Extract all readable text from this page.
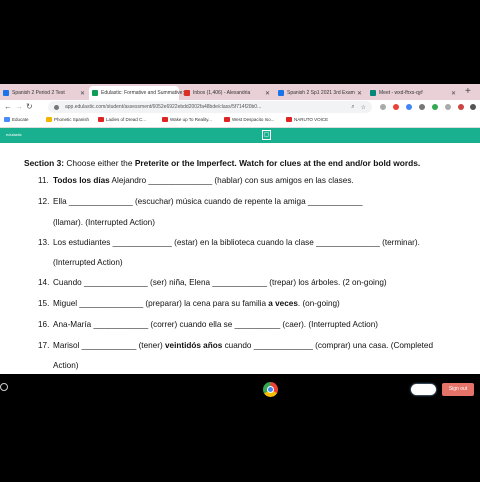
Spanish 2 Period 2 Test	✕	Edulastic: Formative and Summative Inbox (1,406) - Alexandria	✕	Spanish 2 Sp1 2021 3rd Exam ✕	Meet - wxd-fhxs-qyf	✕ +
← → ↻	app.edulastic.com/student/assessment/6052e6922ebdd2002fa48bde/class/5f714f20b0...	⌕ ☆
Educate	Phonetic Spanish	Ladies of Dread C...	Wake up To Reality...	West Despacito Iso...	NARUTO VOICE
edulastic	▢
Section 3: Choose either the Preterite or the Imperfect. Watch for clues at the end and/or bold words.
11. Todos los días Alejandro ______________ (hablar) con sus amigos en las clases.
12. Ella ______________ (escuchar) música cuando de repente la amiga ____________
(llamar). (Interrupted Action)
13. Los estudiantes _____________ (estar) en la biblioteca cuando la clase ______________ (terminar).
(Interrupted Action)
14. Cuando ______________ (ser) niña, Elena ____________ (trepar) los árboles. (2 on-going)
15. Miguel ______________ (preparar) la cena para su familia a veces. (on-going)
16. Ana-María ____________ (correr) cuando ella se __________ (caer). (Interrupted Action)
17. Marisol ____________ (tener) veintidós años cuando _____________ (comprar) una casa. (Completed
Action)
Sign out
